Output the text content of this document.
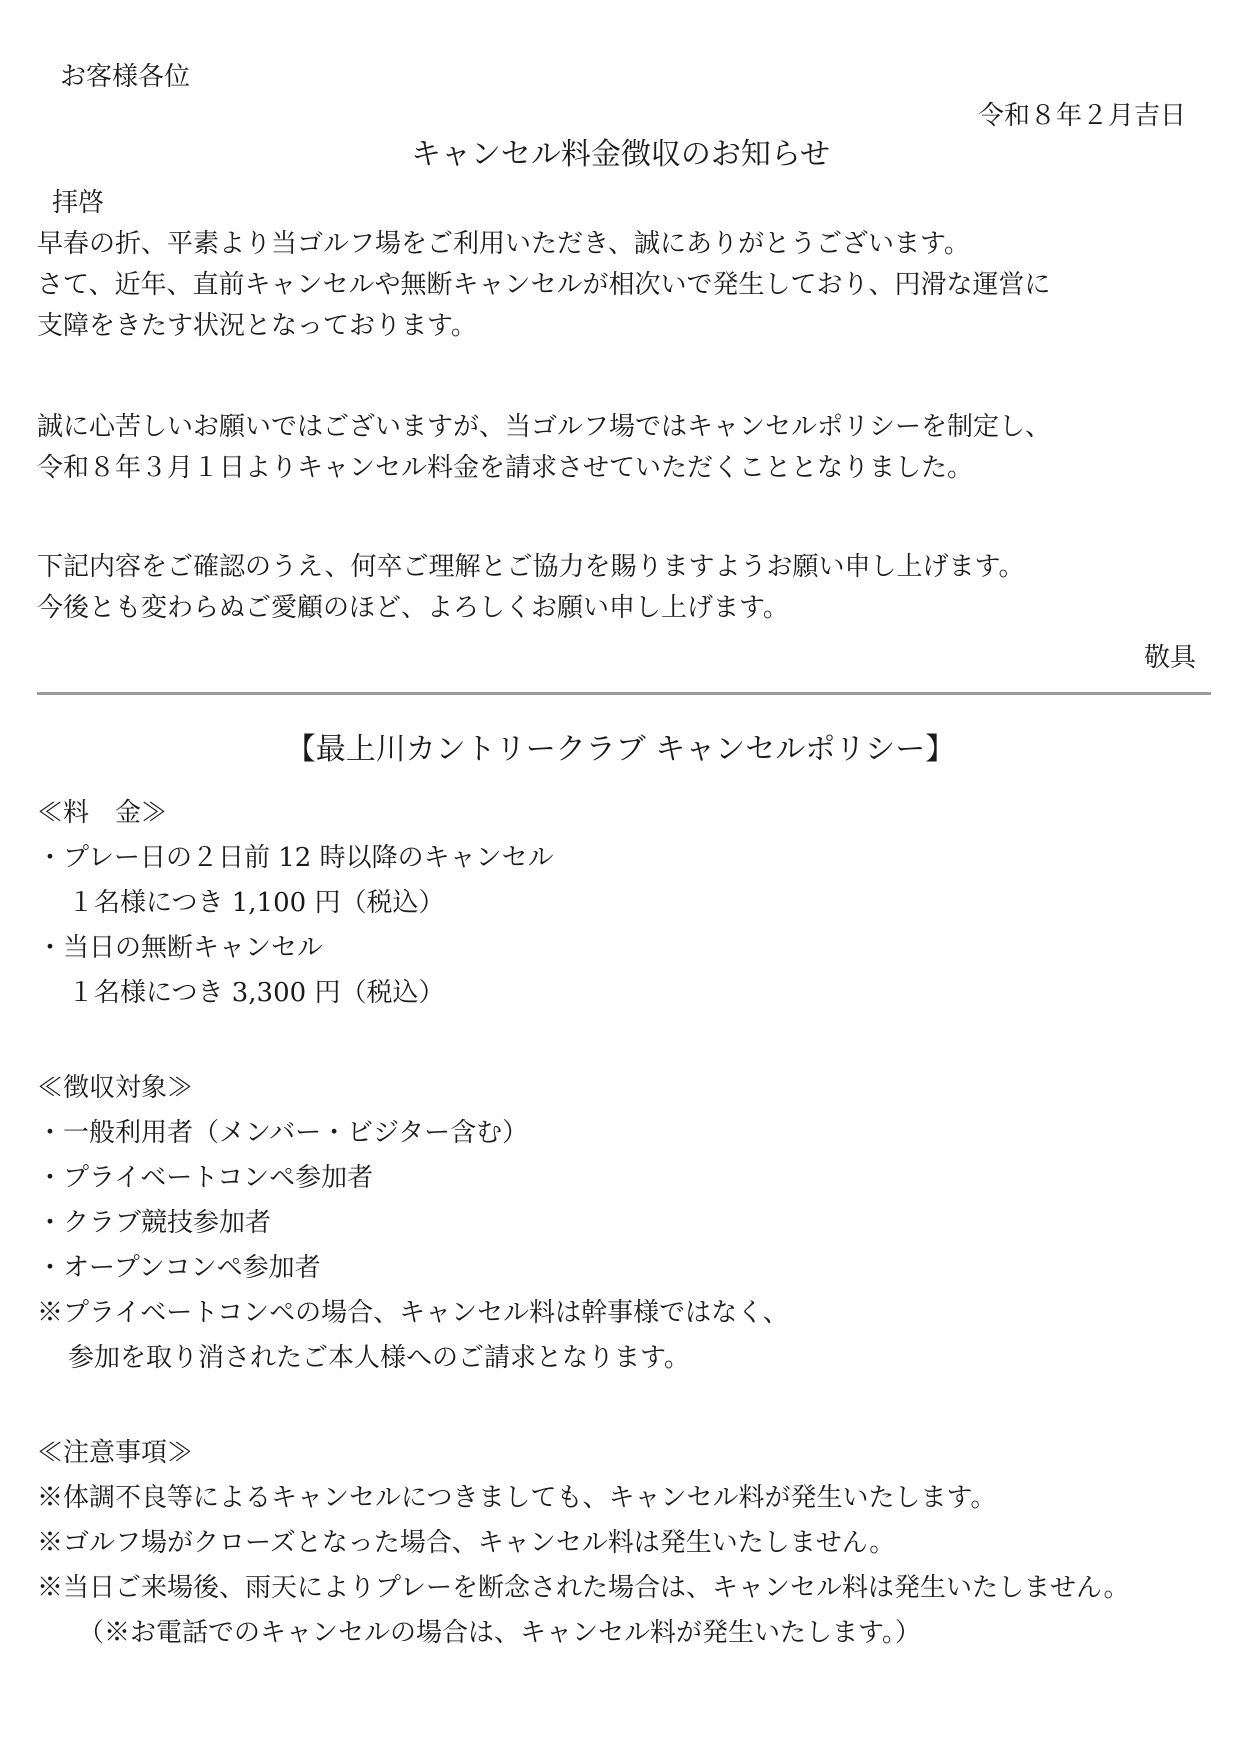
お客様各位
令和８年２月吉日
キャンセル料金徴収のお知らせ
拝啓
早春の折、平素より当ゴルフ場をご利用いただき、誠にありがとうございます。
さて、近年、直前キャンセルや無断キャンセルが相次いで発生しており、円滑な運営に
支障をきたす状況となっております。
誠に心苦しいお願いではございますが、当ゴルフ場ではキャンセルポリシーを制定し、
令和８年３月１日よりキャンセル料金を請求させていただくこととなりました。
下記内容をご確認のうえ、何卒ご理解とご協力を賜りますようお願い申し上げます。
今後とも変わらぬご愛顧のほど、よろしくお願い申し上げます。
敬具
【最上川カントリークラブ キャンセルポリシー】
≪料　金≫
・プレー日の２日前 12 時以降のキャンセル
１名様につき 1,100 円（税込）
・当日の無断キャンセル
１名様につき 3,300 円（税込）
≪徴収対象≫
・一般利用者（メンバー・ビジター含む）
・プライベートコンペ参加者
・クラブ競技参加者
・オープンコンペ参加者
※プライベートコンペの場合、キャンセル料は幹事様ではなく、
参加を取り消されたご本人様へのご請求となります。
≪注意事項≫
※体調不良等によるキャンセルにつきましても、キャンセル料が発生いたします。
※ゴルフ場がクローズとなった場合、キャンセル料は発生いたしません。
※当日ご来場後、雨天によりプレーを断念された場合は、キャンセル料は発生いたしません。
（※お電話でのキャンセルの場合は、キャンセル料が発生いたします。）
